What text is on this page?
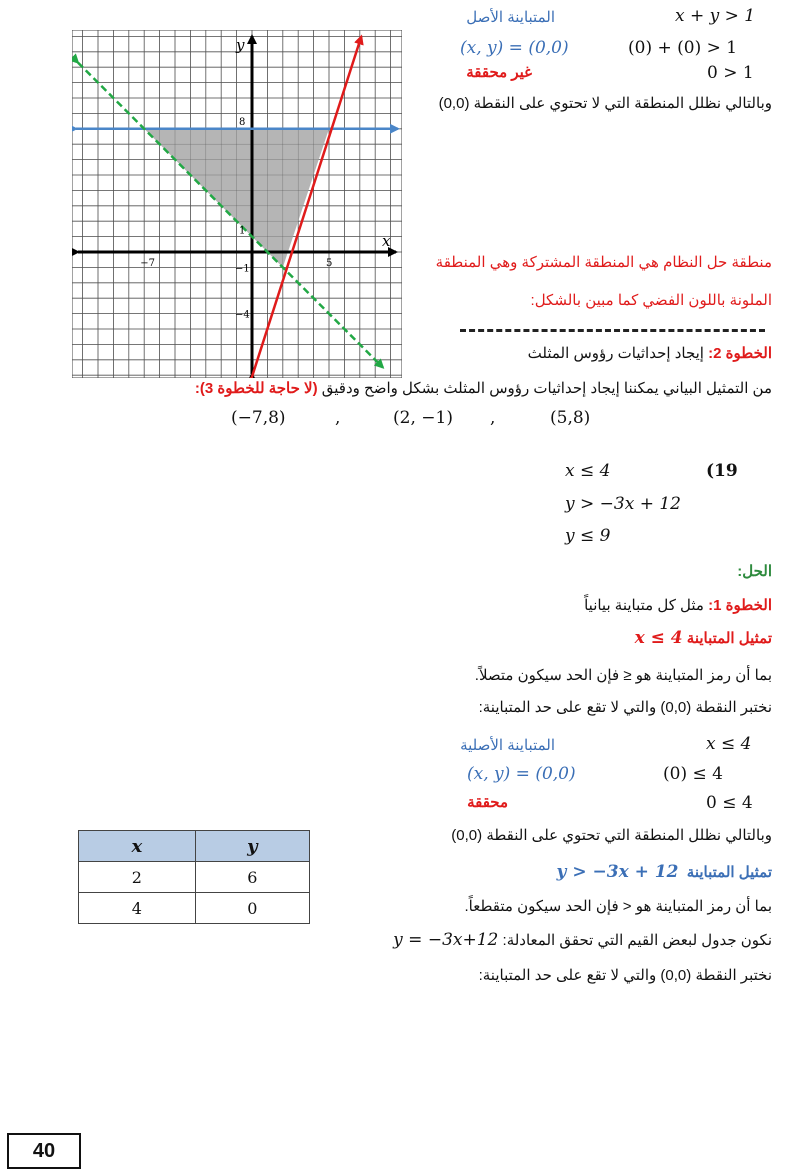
y
x
8
1
−7	−1	5
−4
المتباينة الأصل	x + y > 1
(x, y) = (0,0)	(0) + (0) > 1
غير محققة	0 > 1
وبالتالي نظلل المنطقة التي لا تحتوي على النقطة (0,0)
منطقة حل النظام هي المنطقة المشتركة وهي المنطقة
الملونة باللون الفضي كما مبين بالشكل:
الخطوة 2: إيجاد إحداثيات رؤوس المثلث
من التمثيل البياني يمكننا إيجاد إحداثيات رؤوس المثلث بشكل واضح ودقيق (لا حاجة للخطوة 3):
(−7,8)	,	(2, −1) ,	(5,8)
(19
x ≤ 4
y > −3x + 12
y ≤ 9
الحل:
الخطوة 1: مثل كل متباينة بيانياً
تمثيل المتباينة x ≤ 4
بما أن رمز المتباينة هو ≤ فإن الحد سيكون متصلاً.
نختبر النقطة (0,0) والتي لا تقع على حد المتباينة:
المتباينة الأصلية	x ≤ 4
(x, y) = (0,0)	(0) ≤ 4
محققة	0 ≤ 4
وبالتالي نظلل المنطقة التي تحتوي على النقطة (0,0)
تمثيل المتباينة  y > −3x + 12
بما أن رمز المتباينة هو < فإن الحد سيكون متقطعاً.
نكون جدول لبعض القيم التي تحقق المعادلة: y = −3x+12
نختبر النقطة (0,0) والتي لا تقع على حد المتباينة:
x	y
2	6
4	0
40
